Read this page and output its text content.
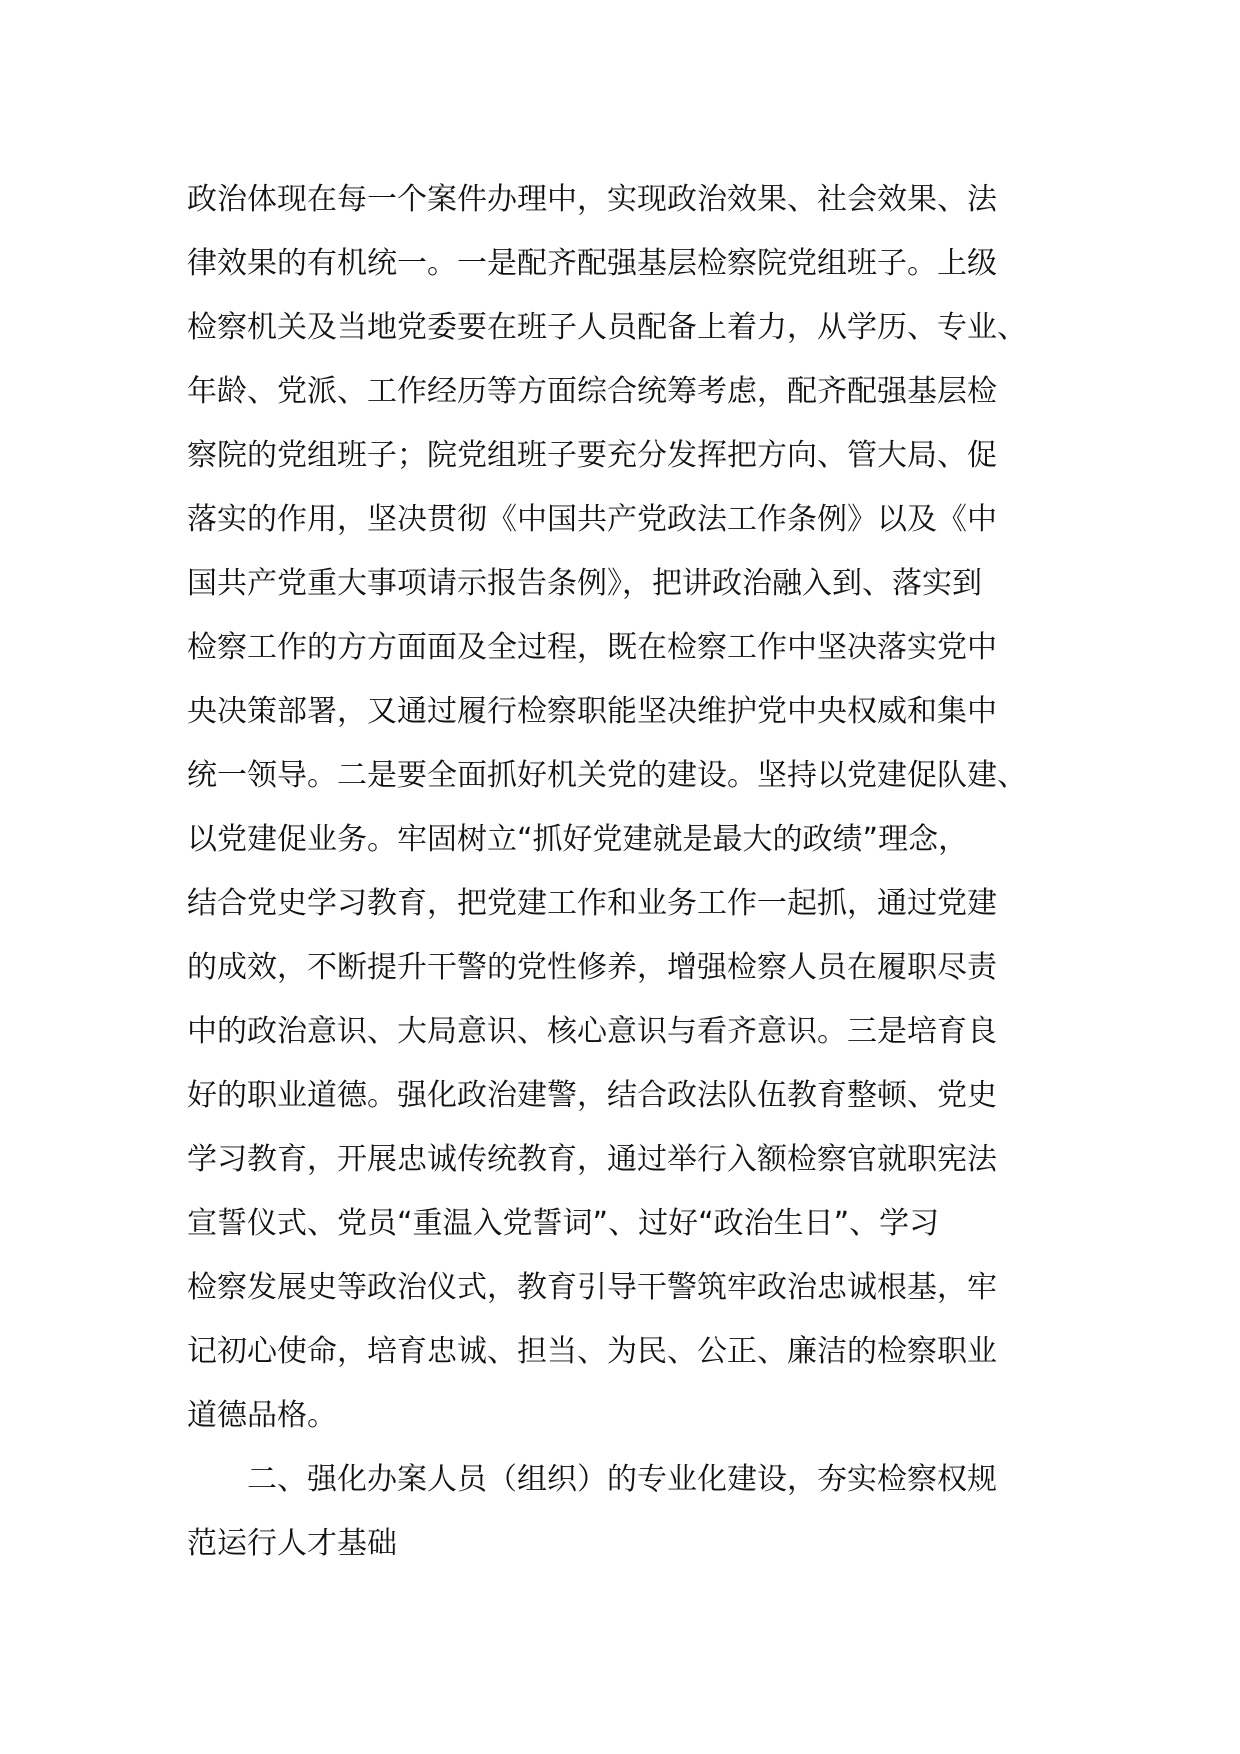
政治体现在每一个案件办理中，实现政治效果、社会效果、法
律效果的有机统一。一是配齐配强基层检察院党组班子。上级
检察机关及当地党委要在班子人员配备上着力，从学历、专业、
年龄、党派、工作经历等方面综合统筹考虑，配齐配强基层检
察院的党组班子；院党组班子要充分发挥把方向、管大局、促
落实的作用，坚决贯彻《中国共产党政法工作条例》以及《中
国共产党重大事项请示报告条例》，把讲政治融入到、落实到
检察工作的方方面面及全过程，既在检察工作中坚决落实党中
央决策部署，又通过履行检察职能坚决维护党中央权威和集中
统一领导。二是要全面抓好机关党的建设。坚持以党建促队建、
以党建促业务。牢固树立“抓好党建就是最大的政绩”理念，
结合党史学习教育，把党建工作和业务工作一起抓，通过党建
的成效，不断提升干警的党性修养，增强检察人员在履职尽责
中的政治意识、大局意识、核心意识与看齐意识。三是培育良
好的职业道德。强化政治建警，结合政法队伍教育整顿、党史
学习教育，开展忠诚传统教育，通过举行入额检察官就职宪法
宣誓仪式、党员“重温入党誓词”、过好“政治生日”、学习
检察发展史等政治仪式，教育引导干警筑牢政治忠诚根基，牢
记初心使命，培育忠诚、担当、为民、公正、廉洁的检察职业
道德品格。
　　二、强化办案人员（组织）的专业化建设，夯实检察权规
范运行人才基础
